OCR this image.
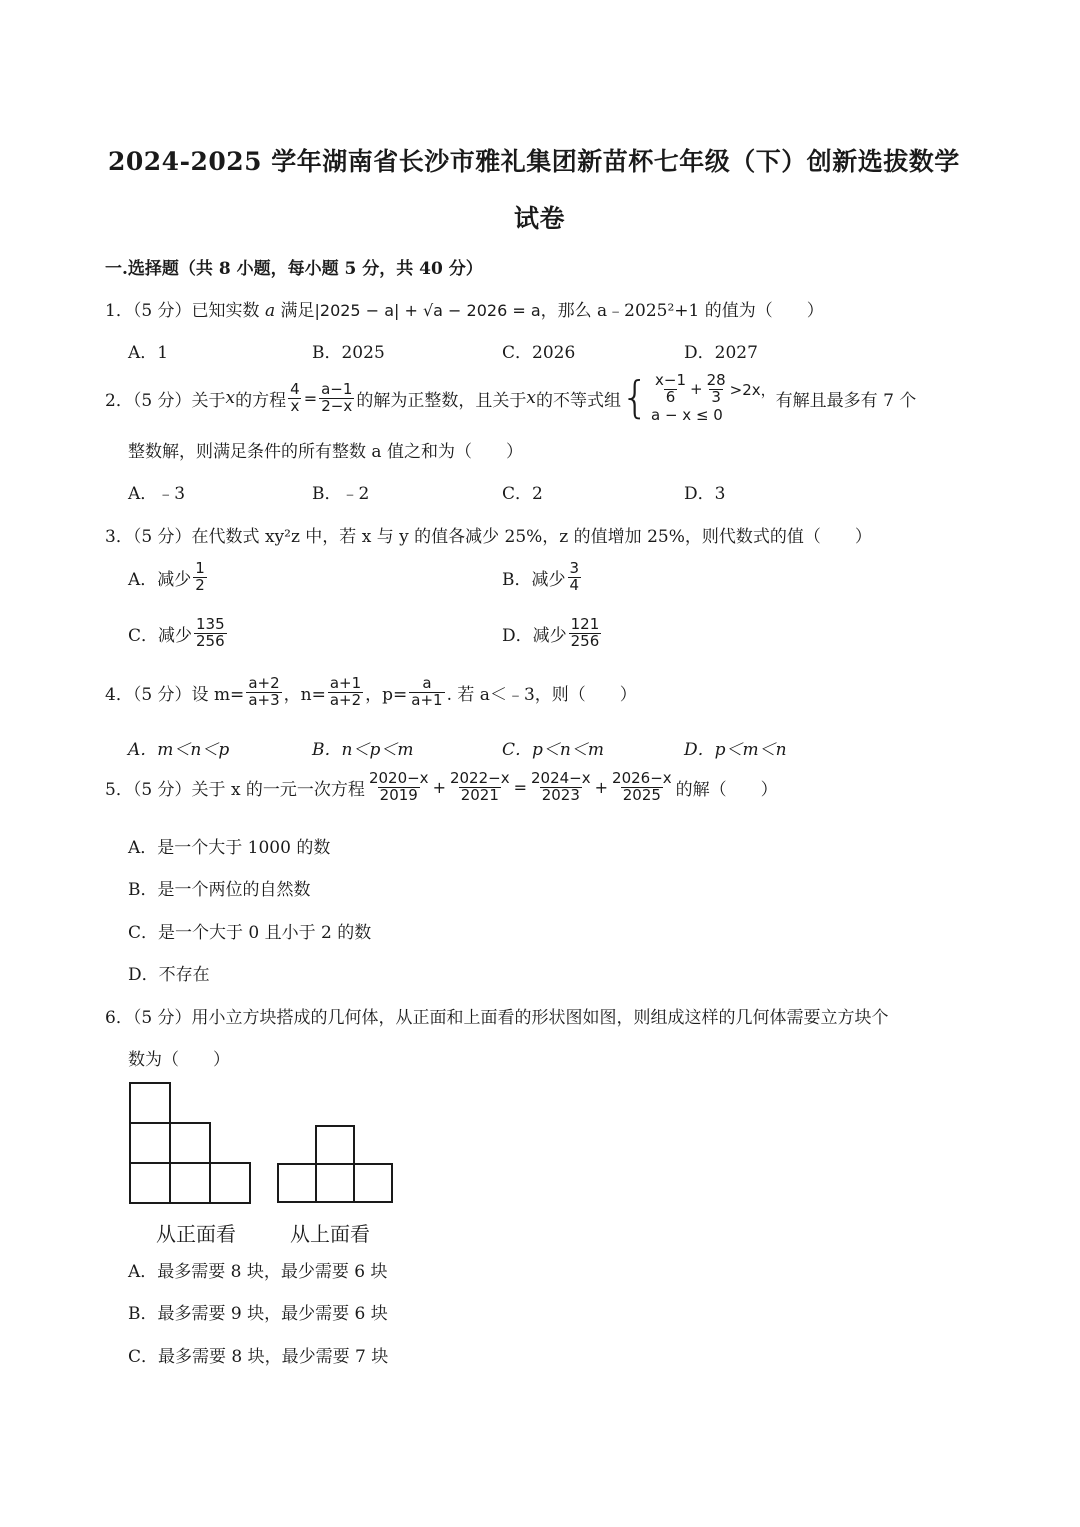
2024-2025 学年湖南省长沙市雅礼集团新苗杯七年级（下）创新选拔数学
试卷
一.选择题（共 8 小题，每小题 5 分，共 40 分）
1．（5 分）已知实数 a 满足|2025 − a| + √a − 2026 = a，那么 a﹣2025²+1 的值为（　　）
A．1	B．2025	C．2026	D．2027
2．（5 分）关于 x 的方程 $\frac{4}{x} = \frac{a-1}{2-x}$ 的解为正整数，且关于 x 的不等式组 { $\frac{x-1}{6} + \frac{28}{3} >2x$，
a − x ≤ 0
有解且最多有 7 个
整数解，则满足条件的所有整数 a 值之和为（　　）
A．﹣3	B．﹣2	C．2	D．3
3．（5 分）在代数式 xy²z 中，若 x 与 y 的值各减少 25%，z 的值增加 25%，则代数式的值（　　）
A．减少 $\frac{1}{2}$	B．减少 $\frac{3}{4}$
C．减少 $\frac{135}{256}$	D．减少 $\frac{121}{256}$
4．（5 分）设 $m= \frac{a+2}{a+3}$ ，$n= \frac{a+1}{a+2}$ ，$p= \frac{a}{a+1}$ . 若 a＜﹣3，则（　　）
A．m＜n＜p	B．n＜p＜m	C．p＜n＜m	D．p＜m＜n
5．（5 分）关于 x 的一元一次方程 $\frac{2020-x}{2019} + \frac{2022-x}{2021} = \frac{2024-x}{2023} + \frac{2026-x}{2025}$ 的解（　　）
A．是一个大于 1000 的数
B．是一个两位的自然数
C．是一个大于 0 且小于 2 的数
D．不存在
6．（5 分）用小立方块搭成的几何体，从正面和上面看的形状图如图，则组成这样的几何体需要立方块个
数为（　　）
从正面看	从上面看
A．最多需要 8 块，最少需要 6 块
B．最多需要 9 块，最少需要 6 块
C．最多需要 8 块，最少需要 7 块
